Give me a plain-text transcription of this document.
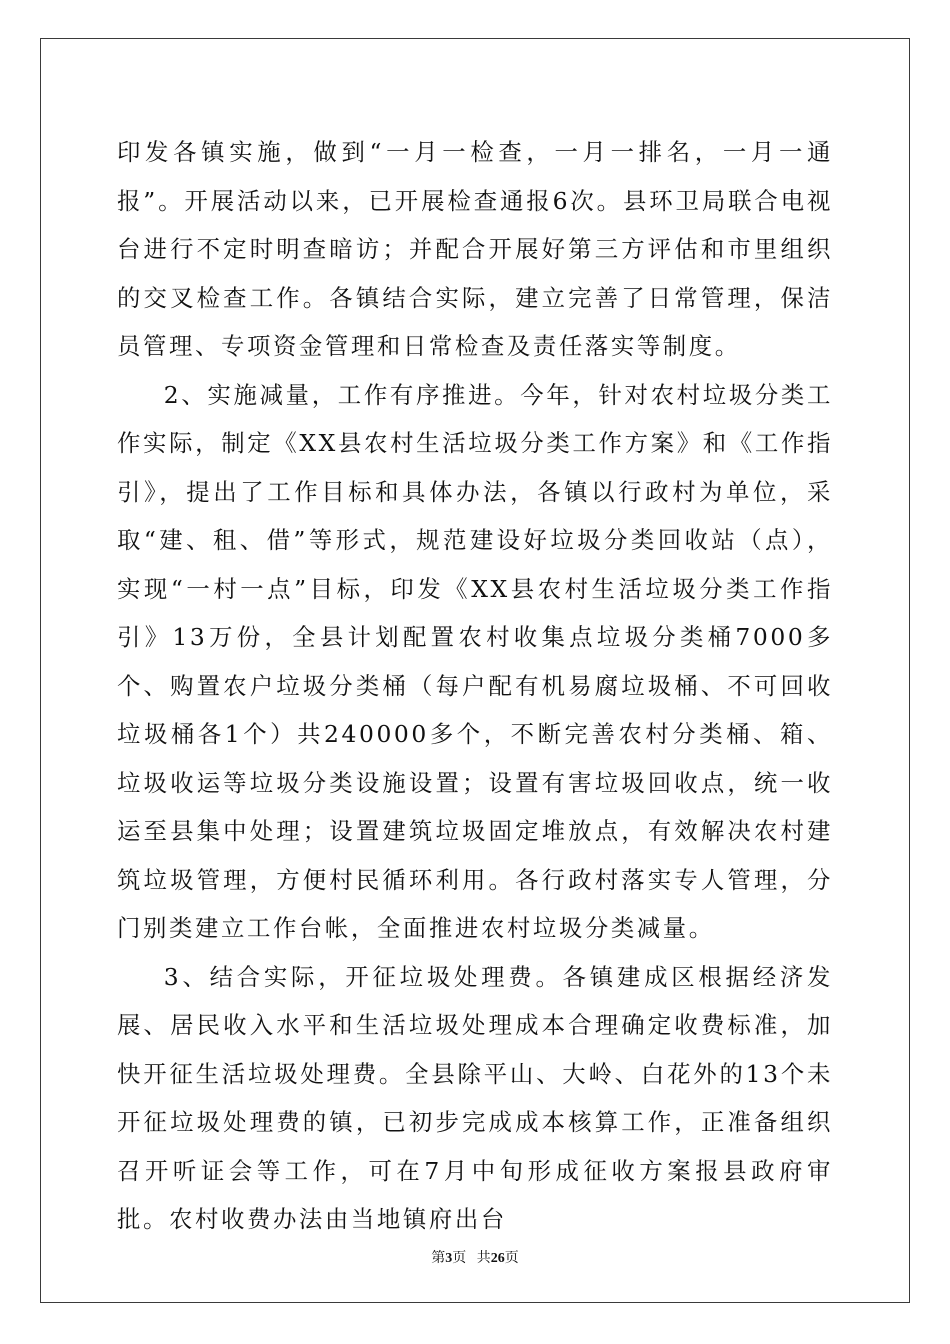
印发各镇实施，做到“一月一检查，一月一排名，一月一通报”。开展活动以来，已开展检查通报6次。县环卫局联合电视台进行不定时明查暗访；并配合开展好第三方评估和市里组织的交叉检查工作。各镇结合实际，建立完善了日常管理，保洁员管理、专项资金管理和日常检查及责任落实等制度。

2、实施减量，工作有序推进。今年，针对农村垃圾分类工作实际，制定《XX县农村生活垃圾分类工作方案》和《工作指引》，提出了工作目标和具体办法，各镇以行政村为单位，采取“建、租、借”等形式，规范建设好垃圾分类回收站（点），实现“一村一点”目标，印发《XX县农村生活垃圾分类工作指引》13万份，全县计划配置农村收集点垃圾分类桶7000多个、购置农户垃圾分类桶（每户配有机易腐垃圾桶、不可回收垃圾桶各1个）共240000多个，不断完善农村分类桶、箱、垃圾收运等垃圾分类设施设置；设置有害垃圾回收点，统一收运至县集中处理；设置建筑垃圾固定堆放点，有效解决农村建筑垃圾管理，方便村民循环利用。各行政村落实专人管理，分门别类建立工作台帐，全面推进农村垃圾分类减量。

3、结合实际，开征垃圾处理费。各镇建成区根据经济发展、居民收入水平和生活垃圾处理成本合理确定收费标准，加快开征生活垃圾处理费。全县除平山、大岭、白花外的13个未开征垃圾处理费的镇，已初步完成成本核算工作，正准备组织召开听证会等工作，可在7月中旬形成征收方案报县政府审批。农村收费办法由当地镇府出台

第3页 共26页
